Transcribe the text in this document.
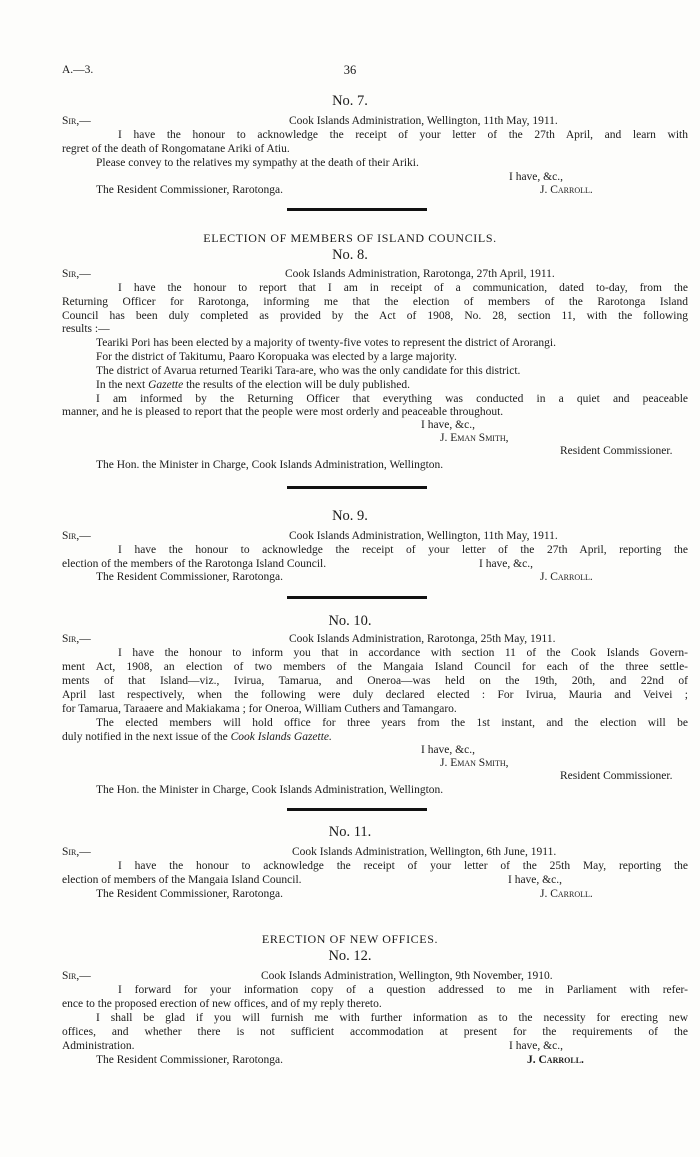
A.—3.	36
No. 7.
Sir,—	Cook Islands Administration, Wellington, 11th May, 1911.
I have the honour to acknowledge the receipt of your letter of the 27th April, and learn with
regret of the death of Rongomatane Ariki of Atiu.
Please convey to the relatives my sympathy at the death of their Ariki.
I have, &c.,
The Resident Commissioner, Rarotonga.	J. Carroll.
ELECTION OF MEMBERS OF ISLAND COUNCILS.
No. 8.
Sir,—	Cook Islands Administration, Rarotonga, 27th April, 1911.
I have the honour to report that I am in receipt of a communication, dated to-day, from the
Returning Officer for Rarotonga, informing me that the election of members of the Rarotonga Island
Council has been duly completed as provided by the Act of 1908, No. 28, section 11, with the following
results :—
Teariki Pori has been elected by a majority of twenty-five votes to represent the district of Arorangi.
For the district of Takitumu, Paaro Koropuaka was elected by a large majority.
The district of Avarua returned Teariki Tara-are, who was the only candidate for this district.
In the next Gazette the results of the election will be duly published.
I am informed by the Returning Officer that everything was conducted in a quiet and peaceable
manner, and he is pleased to report that the people were most orderly and peaceable throughout.
I have, &c.,
J. Eman Smith,
Resident Commissioner.
The Hon. the Minister in Charge, Cook Islands Administration, Wellington.
No. 9.
Sir,—	Cook Islands Administration, Wellington, 11th May, 1911.
I have the honour to acknowledge the receipt of your letter of the 27th April, reporting the
election of the members of the Rarotonga Island Council.	I have, &c.,
The Resident Commissioner, Rarotonga.	J. Carroll.
No. 10.
Sir,—	Cook Islands Administration, Rarotonga, 25th May, 1911.
I have the honour to inform you that in accordance with section 11 of the Cook Islands Govern-
ment Act, 1908, an election of two members of the Mangaia Island Council for each of the three settle-
ments of that Island—viz., Ivirua, Tamarua, and Oneroa—was held on the 19th, 20th, and 22nd of
April last respectively, when the following were duly declared elected : For Ivirua, Mauria and Veivei ;
for Tamarua, Taraaere and Makiakama ; for Oneroa, William Cuthers and Tamangaro.
The elected members will hold office for three years from the 1st instant, and the election will be
duly notified in the next issue of the Cook Islands Gazette.
I have, &c.,
J. Eman Smith,
Resident Commissioner.
The Hon. the Minister in Charge, Cook Islands Administration, Wellington.
No. 11.
Sir,—	Cook Islands Administration, Wellington, 6th June, 1911.
I have the honour to acknowledge the receipt of your letter of the 25th May, reporting the
election of members of the Mangaia Island Council.	I have, &c.,
The Resident Commissioner, Rarotonga.	J. Carroll.
ERECTION OF NEW OFFICES.
No. 12.
Sir,—	Cook Islands Administration, Wellington, 9th November, 1910.
I forward for your information copy of a question addressed to me in Parliament with refer-
ence to the proposed erection of new offices, and of my reply thereto.
I shall be glad if you will furnish me with further information as to the necessity for erecting new
offices, and whether there is not sufficient accommodation at present for the requirements of the
Administration.	I have, &c.,
The Resident Commissioner, Rarotonga.	J. Carroll.
